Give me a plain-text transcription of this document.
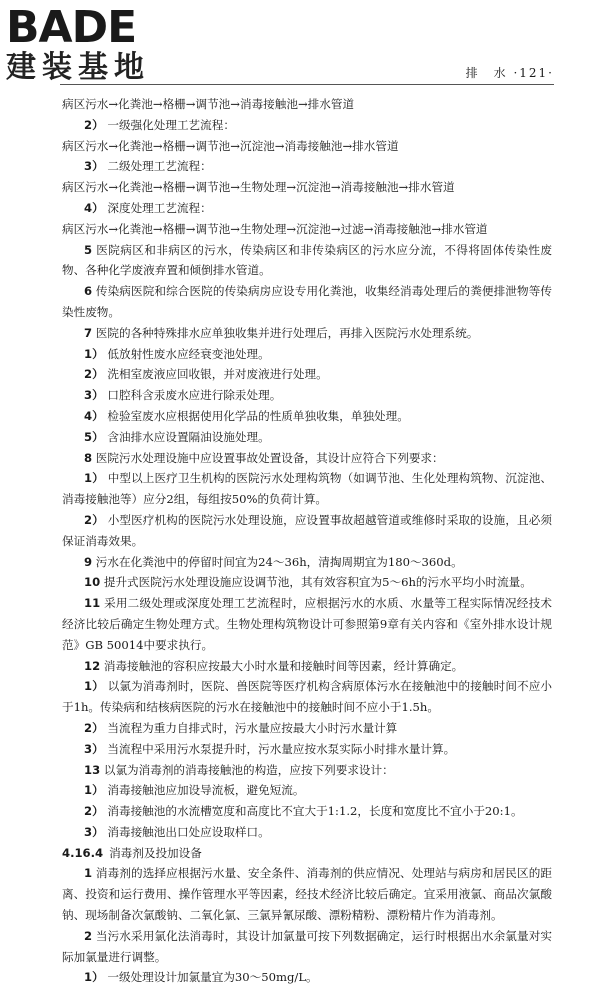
BADE
建装基地	排　水 ·121·

病区污水→化粪池→格栅→调节池→消毒接触池→排水管道

2） 一级强化处理工艺流程：

病区污水→化粪池→格栅→调节池→沉淀池→消毒接触池→排水管道

3） 二级处理工艺流程：

病区污水→化粪池→格栅→调节池→生物处理→沉淀池→消毒接触池→排水管道

4） 深度处理工艺流程：

病区污水→化粪池→格栅→调节池→生物处理→沉淀池→过滤→消毒接触池→排水管道

5 医院病区和非病区的污水，传染病区和非传染病区的污水应分流，不得将固体传染性废物、各种化学废液弃置和倾倒排水管道。

6 传染病医院和综合医院的传染病房应设专用化粪池，收集经消毒处理后的粪便排泄物等传染性废物。

7 医院的各种特殊排水应单独收集并进行处理后，再排入医院污水处理系统。

1） 低放射性废水应经衰变池处理。

2） 洗相室废液应回收银，并对废液进行处理。

3） 口腔科含汞废水应进行除汞处理。

4） 检验室废水应根据使用化学品的性质单独收集，单独处理。

5） 含油排水应设置隔油设施处理。

8 医院污水处理设施中应设置事故处置设备，其设计应符合下列要求：

1） 中型以上医疗卫生机构的医院污水处理构筑物（如调节池、生化处理构筑物、沉淀池、消毒接触池等）应分2组，每组按50%的负荷计算。

2） 小型医疗机构的医院污水处理设施，应设置事故超越管道或维修时采取的设施，且必须保证消毒效果。

9 污水在化粪池中的停留时间宜为24～36h，清掏周期宜为180～360d。

10 提升式医院污水处理设施应设调节池，其有效容积宜为5～6h的污水平均小时流量。

11 采用二级处理或深度处理工艺流程时，应根据污水的水质、水量等工程实际情况经技术经济比较后确定生物处理方式。生物处理构筑物设计可参照第9章有关内容和《室外排水设计规范》GB 50014中要求执行。

12 消毒接触池的容积应按最大小时水量和接触时间等因素，经计算确定。

1） 以氯为消毒剂时，医院、兽医院等医疗机构含病原体污水在接触池中的接触时间不应小于1h。传染病和结核病医院的污水在接触池中的接触时间不应小于1.5h。

2） 当流程为重力自排式时，污水量应按最大小时污水量计算

3） 当流程中采用污水泵提升时，污水量应按水泵实际小时排水量计算。

13 以氯为消毒剂的消毒接触池的构造，应按下列要求设计：

1） 消毒接触池应加设导流板，避免短流。

2） 消毒接触池的水流槽宽度和高度比不宜大于1:1.2，长度和宽度比不宜小于20:1。

3） 消毒接触池出口处应设取样口。

4.16.4 消毒剂及投加设备

1 消毒剂的选择应根据污水量、安全条件、消毒剂的供应情况、处理站与病房和居民区的距离、投资和运行费用、操作管理水平等因素，经技术经济比较后确定。宜采用液氯、商品次氯酸钠、现场制备次氯酸钠、二氧化氯、三氯异氰尿酸、漂粉精粉、漂粉精片作为消毒剂。

2 当污水采用氯化法消毒时，其设计加氯量可按下列数据确定，运行时根据出水余氯量对实际加氯量进行调整。

1） 一级处理设计加氯量宜为30～50mg/L。
